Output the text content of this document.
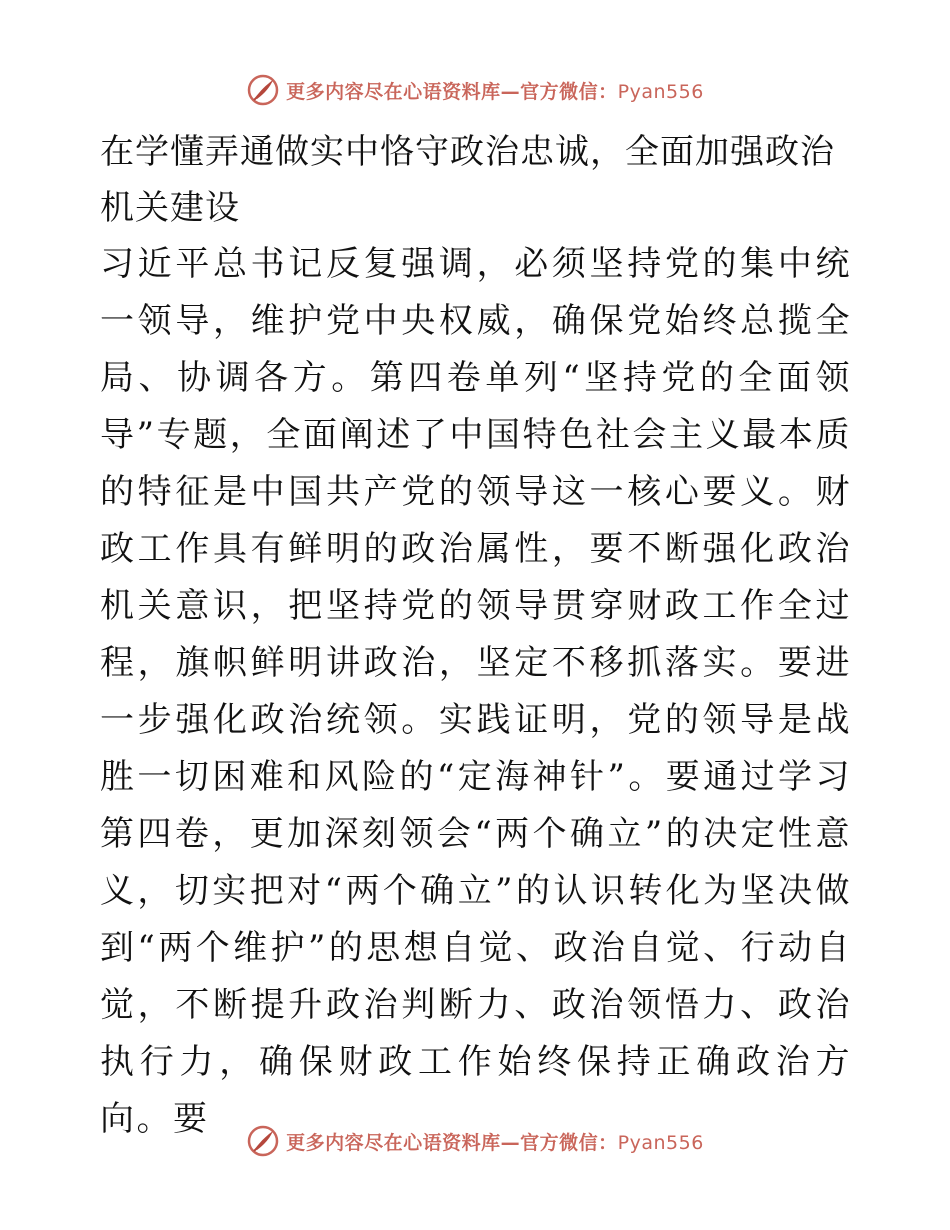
更多内容尽在心语资料库—官方微信：Pyan556
在学懂弄通做实中恪守政治忠诚，全面加强政治机关建设

习近平总书记反复强调，必须坚持党的集中统一领导，维护党中央权威，确保党始终总揽全局、协调各方。第四卷单列“坚持党的全面领导”专题，全面阐述了中国特色社会主义最本质的特征是中国共产党的领导这一核心要义。财政工作具有鲜明的政治属性，要不断强化政治机关意识，把坚持党的领导贯穿财政工作全过程，旗帜鲜明讲政治，坚定不移抓落实。要进一步强化政治统领。实践证明，党的领导是战胜一切困难和风险的“定海神针”。要通过学习第四卷，更加深刻领会“两个确立”的决定性意义，切实把对“两个确立”的认识转化为坚决做到“两个维护”的思想自觉、政治自觉、行动自觉，不断提升政治判断力、政治领悟力、政治执行力，确保财政工作始终保持正确政治方向。要

更多内容尽在心语资料库—官方微信：Pyan556
